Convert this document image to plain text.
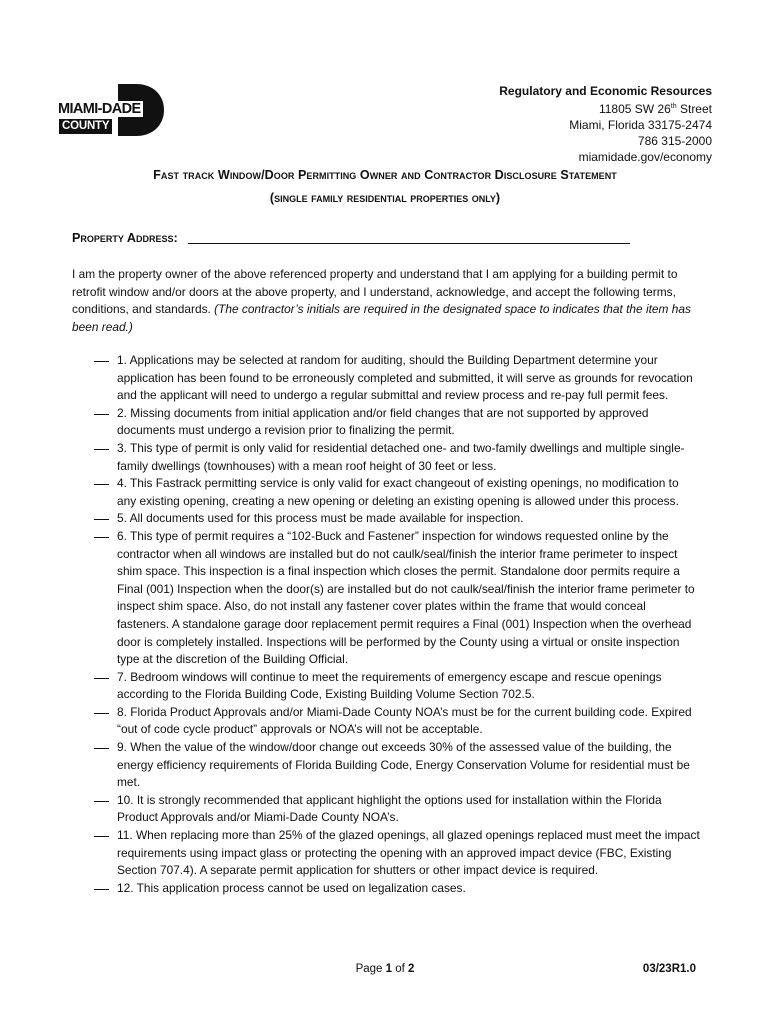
MIAMI-DADE
COUNTY
Regulatory and Economic Resources
11805 SW 26th Street
Miami, Florida 33175-2474
786 315-2000
miamidade.gov/economy
Fast track Window/Door Permitting Owner and Contractor Disclosure Statement
(single family residential properties only)
Property Address:
I am the property owner of the above referenced property and understand that I am applying for a building permit to retrofit window and/or doors at the above property, and I understand, acknowledge, and accept the following terms, conditions, and standards. (The contractor’s initials are required in the designated space to indicates that the item has been read.)
1. Applications may be selected at random for auditing, should the Building Department determine your application has been found to be erroneously completed and submitted, it will serve as grounds for revocation and the applicant will need to undergo a regular submittal and review process and re-pay full permit fees.
2. Missing documents from initial application and/or field changes that are not supported by approved documents must undergo a revision prior to finalizing the permit.
3. This type of permit is only valid for residential detached one- and two-family dwellings and multiple single-family dwellings (townhouses) with a mean roof height of 30 feet or less.
4. This Fastrack permitting service is only valid for exact changeout of existing openings, no modification to any existing opening, creating a new opening or deleting an existing opening is allowed under this process.
5. All documents used for this process must be made available for inspection.
6. This type of permit requires a “102-Buck and Fastener” inspection for windows requested online by the contractor when all windows are installed but do not caulk/seal/finish the interior frame perimeter to inspect shim space. This inspection is a final inspection which closes the permit. Standalone door permits require a Final (001) Inspection when the door(s) are installed but do not caulk/seal/finish the interior frame perimeter to inspect shim space. Also, do not install any fastener cover plates within the frame that would conceal fasteners. A standalone garage door replacement permit requires a Final (001) Inspection when the overhead door is completely installed. Inspections will be performed by the County using a virtual or onsite inspection type at the discretion of the Building Official.
7. Bedroom windows will continue to meet the requirements of emergency escape and rescue openings according to the Florida Building Code, Existing Building Volume Section 702.5.
8. Florida Product Approvals and/or Miami-Dade County NOA’s must be for the current building code. Expired “out of code cycle product” approvals or NOA’s will not be acceptable.
9. When the value of the window/door change out exceeds 30% of the assessed value of the building, the energy efficiency requirements of Florida Building Code, Energy Conservation Volume for residential must be met.
10. It is strongly recommended that applicant highlight the options used for installation within the Florida Product Approvals and/or Miami-Dade County NOA’s.
11. When replacing more than 25% of the glazed openings, all glazed openings replaced must meet the impact requirements using impact glass or protecting the opening with an approved impact device (FBC, Existing Section 707.4). A separate permit application for shutters or other impact device is required.
12. This application process cannot be used on legalization cases.
Page 1 of 2	03/23R1.0
